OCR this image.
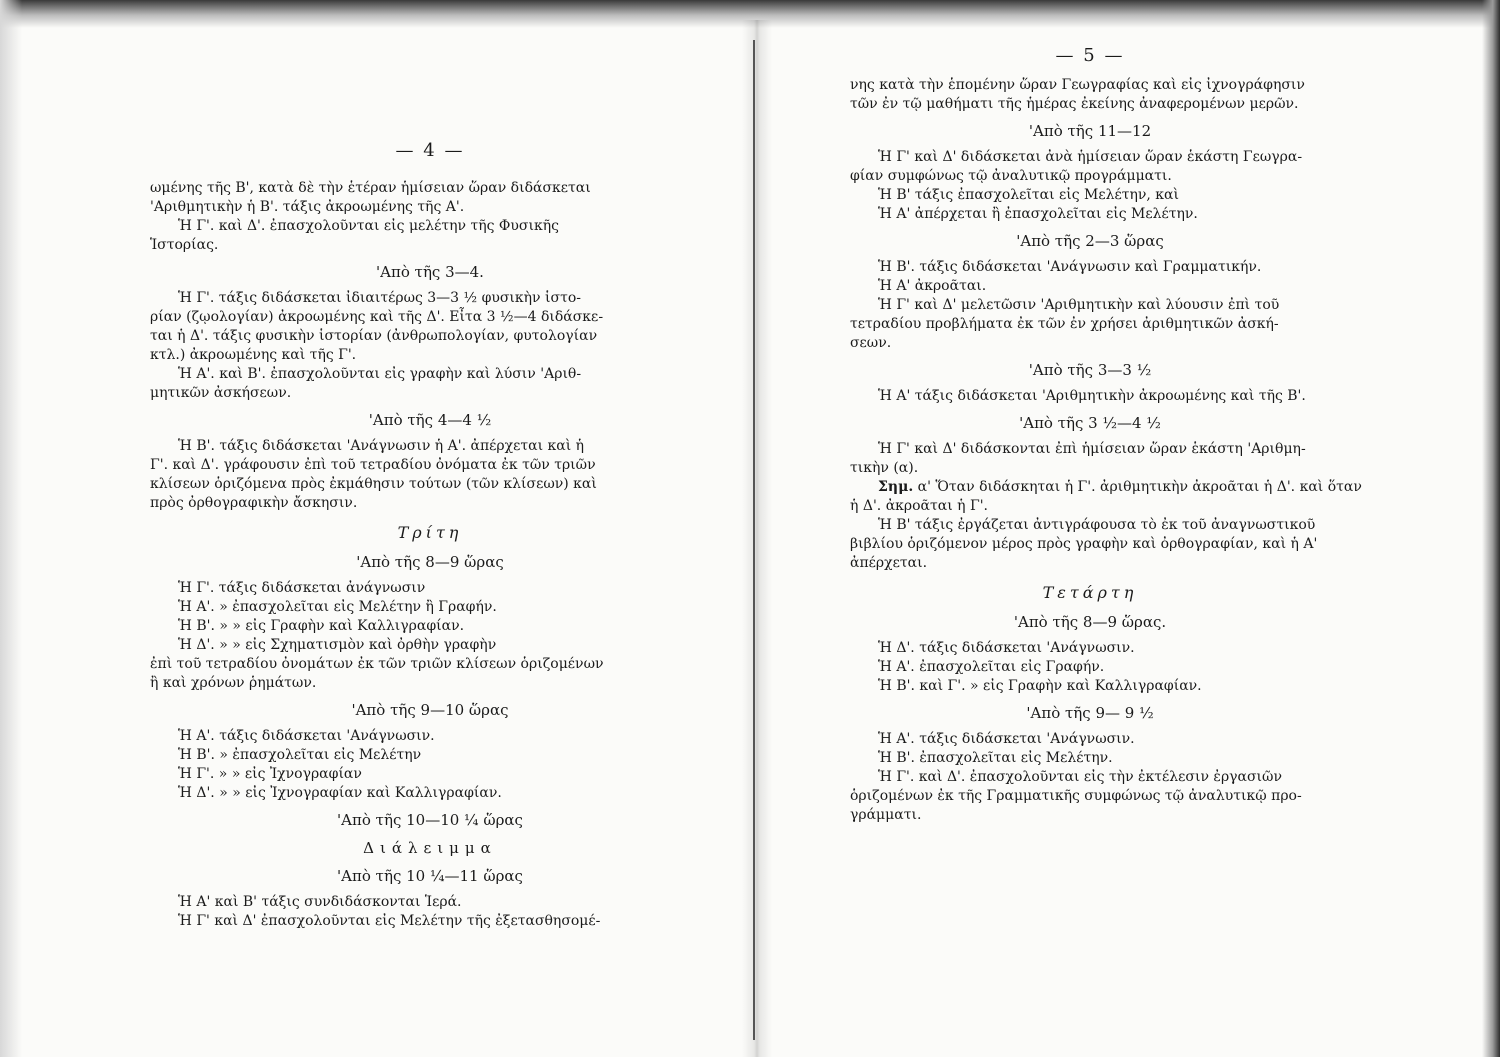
— 4 —

ωμένης τῆς Β', κατὰ δὲ τὴν ἑτέραν ἡμίσειαν ὥραν διδάσκεται

'Αριθμητικὴν ἡ Β'. τάξις ἀκροωμένης τῆς Α'.

Ἡ Γ'. καὶ Δ'. ἐπασχολοῦνται εἰς μελέτην τῆς Φυσικῆς

Ἱστορίας.

'Απὸ τῆς 3—4.

Ἡ Γ'. τάξις διδάσκεται ἰδιαιτέρως 3—3 ½ φυσικὴν ἱστο-

ρίαν (ζῳολογίαν) ἀκροωμένης καὶ τῆς Δ'. Εἶτα 3 ½—4 διδάσκε-

ται ἡ Δ'. τάξις φυσικὴν ἱστορίαν (ἀνθρωπολογίαν, φυτολογίαν

κτλ.) ἀκροωμένης καὶ τῆς Γ'.

Ἡ Α'. καὶ Β'. ἐπασχολοῦνται εἰς γραφὴν καὶ λύσιν 'Αριθ-

μητικῶν ἀσκήσεων.

'Απὸ τῆς 4—4 ½

Ἡ Β'. τάξις διδάσκεται 'Ανάγνωσιν ἡ Α'. ἀπέρχεται καὶ ἡ

Γ'. καὶ Δ'. γράφουσιν ἐπὶ τοῦ τετραδίου ὀνόματα ἐκ τῶν τριῶν

κλίσεων ὁριζόμενα πρὸς ἐκμάθησιν τούτων (τῶν κλίσεων) καὶ

πρὸς ὀρθογραφικὴν ἄσκησιν.

Τρίτη

'Απὸ τῆς 8—9 ὥρας

Ἡ Γ'. τάξις διδάσκεται ἀνάγνωσιν

Ἡ Α'. » ἐπασχολεῖται εἰς Μελέτην ἢ Γραφήν.

Ἡ Β'. » » εἰς Γραφὴν καὶ Καλλιγραφίαν.

Ἡ Δ'. » » εἰς Σχηματισμὸν καὶ ὀρθὴν γραφὴν

ἐπὶ τοῦ τετραδίου ὀνομάτων ἐκ τῶν τριῶν κλίσεων ὁριζομένων

ἢ καὶ χρόνων ῥημάτων.

'Απὸ τῆς 9—10 ὥρας

Ἡ Α'. τάξις διδάσκεται 'Ανάγνωσιν.

Ἡ Β'. » ἐπασχολεῖται εἰς Μελέτην

Ἡ Γ'. » » εἰς Ἰχνογραφίαν

Ἡ Δ'. » » εἰς Ἰχνογραφίαν καὶ Καλλιγραφίαν.

'Απὸ τῆς 10—10 ¼ ὥρας

Διάλειμμα

'Απὸ τῆς 10 ¼—11 ὥρας

Ἡ Α' καὶ Β' τάξις συνδιδάσκονται Ἱερά.

Ἡ Γ' καὶ Δ' ἐπασχολοῦνται εἰς Μελέτην τῆς ἐξετασθησομέ-

— 5 —

νης κατὰ τὴν ἑπομένην ὥραν Γεωγραφίας καὶ εἰς ἰχνογράφησιν

τῶν ἐν τῷ μαθήματι τῆς ἡμέρας ἐκείνης ἀναφερομένων μερῶν.

'Απὸ τῆς 11—12

Ἡ Γ' καὶ Δ' διδάσκεται ἀνὰ ἡμίσειαν ὥραν ἑκάστη Γεωγρα-

φίαν συμφώνως τῷ ἀναλυτικῷ προγράμματι.

Ἡ Β' τάξις ἐπασχολεῖται εἰς Μελέτην, καὶ

Ἡ Α' ἀπέρχεται ἢ ἐπασχολεῖται εἰς Μελέτην.

'Απὸ τῆς 2—3 ὥρας

Ἡ Β'. τάξις διδάσκεται 'Ανάγνωσιν καὶ Γραμματικήν.

Ἡ Α' ἀκροᾶται.

Ἡ Γ' καὶ Δ' μελετῶσιν 'Αριθμητικὴν καὶ λύουσιν ἐπὶ τοῦ

τετραδίου προβλήματα ἐκ τῶν ἐν χρήσει ἀριθμητικῶν ἀσκή-

σεων.

'Απὸ τῆς 3—3 ½

Ἡ Α' τάξις διδάσκεται 'Αριθμητικὴν ἀκροωμένης καὶ τῆς Β'.

'Απὸ τῆς 3 ½—4 ½

Ἡ Γ' καὶ Δ' διδάσκονται ἐπὶ ἡμίσειαν ὥραν ἑκάστη 'Αριθμη-

τικὴν (α).

Σημ. α' Ὅταν διδάσκηται ἡ Γ'. ἀριθμητικὴν ἀκροᾶται ἡ Δ'. καὶ ὅταν

ἡ Δ'. ἀκροᾶται ἡ Γ'.

Ἡ Β' τάξις ἐργάζεται ἀντιγράφουσα τὸ ἐκ τοῦ ἀναγνωστικοῦ

βιβλίου ὁριζόμενον μέρος πρὸς γραφὴν καὶ ὀρθογραφίαν, καὶ ἡ Α'

ἀπέρχεται.

Τετάρτη

'Απὸ τῆς 8—9 ὥρας.

Ἡ Δ'. τάξις διδάσκεται 'Ανάγνωσιν.

Ἡ Α'. ἐπασχολεῖται εἰς Γραφήν.

Ἡ Β'. καὶ Γ'. » εἰς Γραφὴν καὶ Καλλιγραφίαν.

'Απὸ τῆς 9— 9 ½

Ἡ Α'. τάξις διδάσκεται 'Ανάγνωσιν.

Ἡ Β'. ἐπασχολεῖται εἰς Μελέτην.

Ἡ Γ'. καὶ Δ'. ἐπασχολοῦνται εἰς τὴν ἐκτέλεσιν ἐργασιῶν

ὁριζομένων ἐκ τῆς Γραμματικῆς συμφώνως τῷ ἀναλυτικῷ προ-

γράμματι.
